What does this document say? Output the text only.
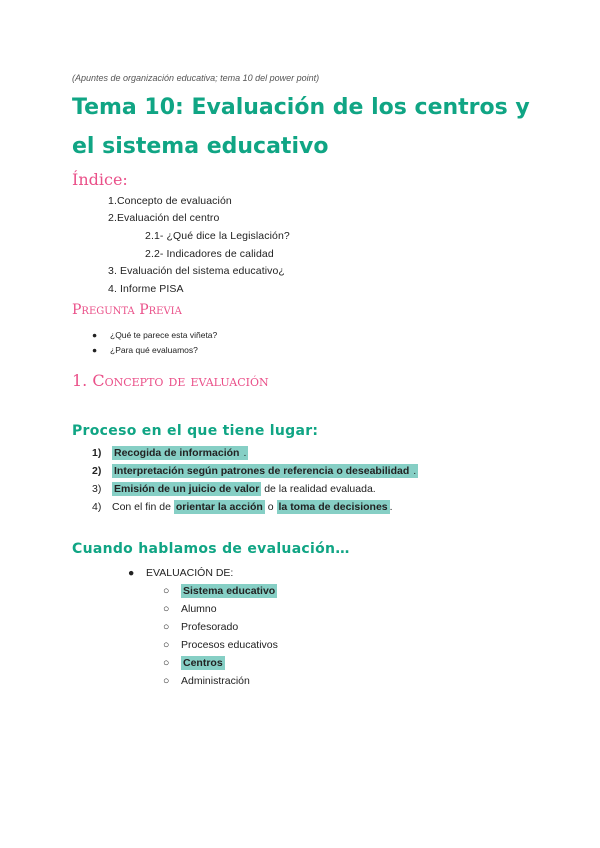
(Apuntes de organización educativa; tema 10 del power point)
Tema 10: Evaluación de los centros y el sistema educativo
Índice:
1.Concepto de evaluación
2.Evaluación del centro
2.1- ¿Qué dice la Legislación?
2.2- Indicadores de calidad
3. Evaluación del sistema educativo¿
4. Informe PISA
Pregunta Previa
● ¿Qué te parece esta viñeta?
● ¿Para qué evaluamos?
1. Concepto de evaluación
Proceso en el que tiene lugar:
1) Recogida de información .
2) Interpretación según patrones de referencia o deseabilidad .
3) Emisión de un juicio de valor de la realidad evaluada.
4) Con el fin de orientar la acción o la toma de decisiones .
Cuando hablamos de evaluación…
● EVALUACIÓN DE:
○ Sistema educativo
○ Alumno
○ Profesorado
○ Procesos educativos
○ Centros
○ Administración
